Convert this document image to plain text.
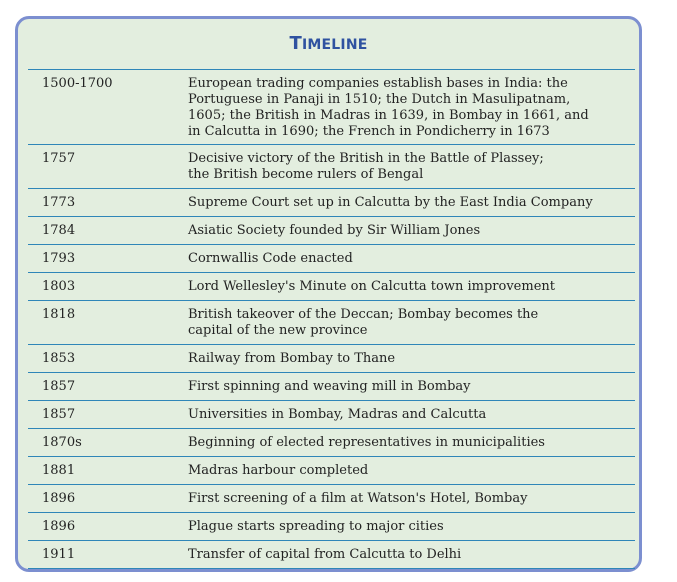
TIMELINE
1500-1700	European trading companies establish bases in India: the
Portuguese in Panaji in 1510; the Dutch in Masulipatnam,
1605; the British in Madras in 1639, in Bombay in 1661, and
in Calcutta in 1690; the French in Pondicherry in 1673
1757	Decisive victory of the British in the Battle of Plassey;
the British become rulers of Bengal
1773	Supreme Court set up in Calcutta by the East India Company
1784	Asiatic Society founded by Sir William Jones
1793	Cornwallis Code enacted
1803	Lord Wellesley's Minute on Calcutta town improvement
1818	British takeover of the Deccan; Bombay becomes the
capital of the new province
1853	Railway from Bombay to Thane
1857	First spinning and weaving mill in Bombay
1857	Universities in Bombay, Madras and Calcutta
1870s	Beginning of elected representatives in municipalities
1881	Madras harbour completed
1896	First screening of a film at Watson's Hotel, Bombay
1896	Plague starts spreading to major cities
1911	Transfer of capital from Calcutta to Delhi
